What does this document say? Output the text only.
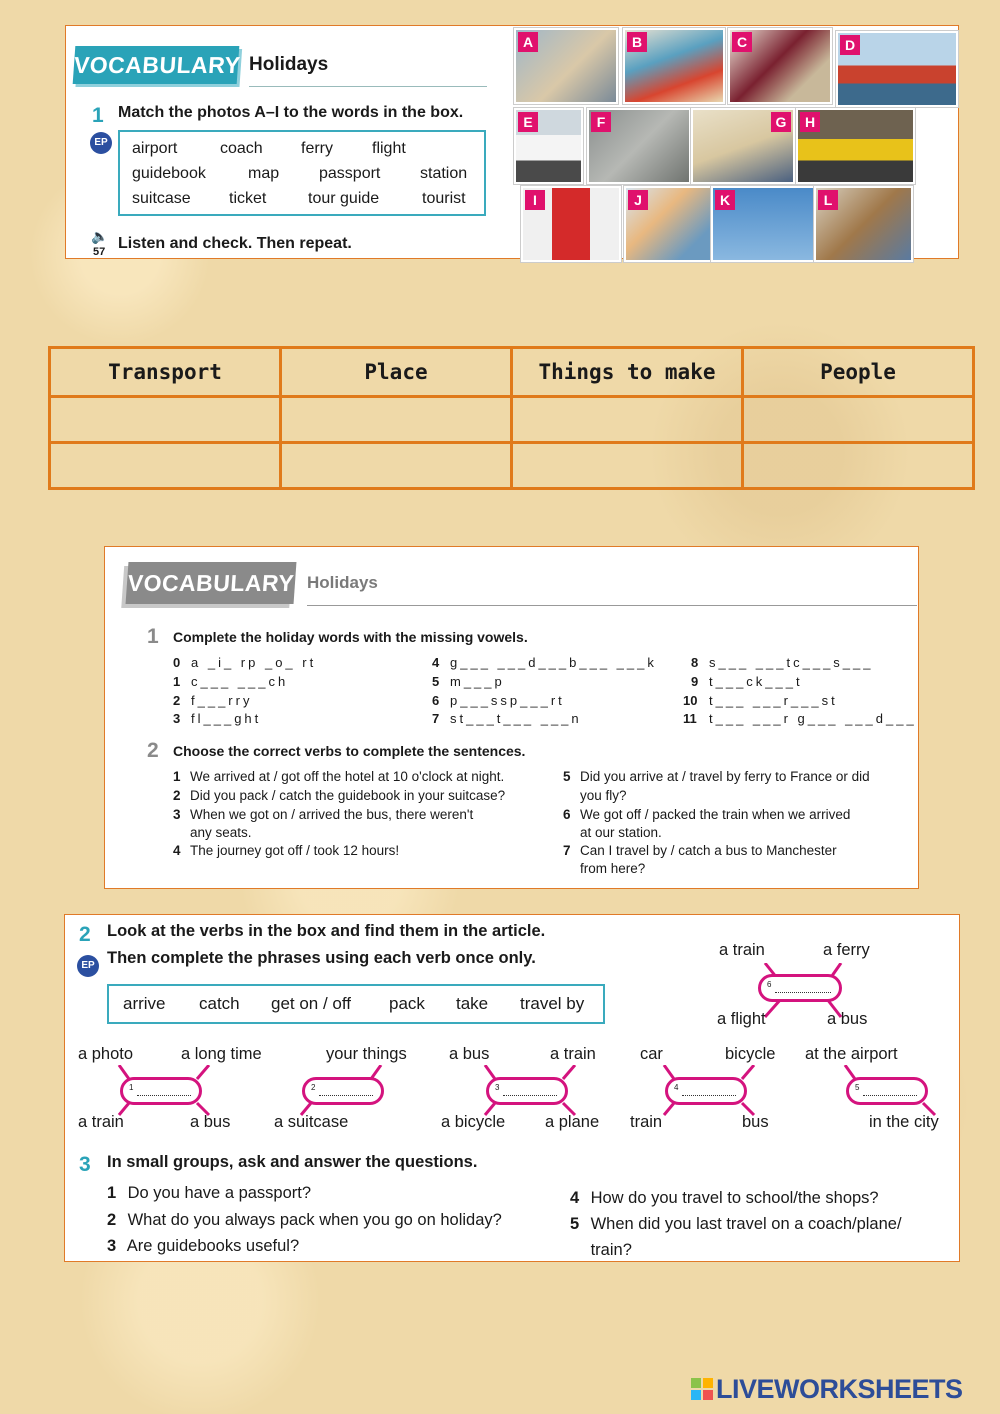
VOCABULARY Holidays
1 Match the photos A–I to the words in the box.
EP airport	coach ferry flight
guidebook	map passport station
suitcase ticket	tour guide	tourist
🔈
57 Listen and check. Then repeat.
A	B	C	D
E	F	G	H
I	J	K	L
Transport	Place	Things to make	People

VOCABULARY Holidays
1 Complete the holiday words with the missing vowels.
0 a _i_ rp _o_ rt
1 c___ ___ch
2 f___rry
3 fl___ght
4 g___ ___d___b___ ___k
5 m___p
6 p___ssp___rt
7 st___t___ ___n
8 s___ ___tc___s___
9 t___ck___t
10 t___ ___r___st
11 t___ ___r g___ ___d___
2 Choose the correct verbs to complete the sentences.
1 We arrived at / got off the hotel at 10 o'clock at night.
2 Did you pack / catch the guidebook in your suitcase?
3 When we got on / arrived the bus, there weren't
any seats.
4 The journey got off / took 12 hours!
5 Did you arrive at / travel by ferry to France or did
you fly?
6 We got off / packed the train when we arrived
at our station.
7 Can I travel by / catch a bus to Manchester
from here?
2
EP
Look at the verbs in the box and find them in the article.
Then complete the phrases using each verb once only.
arrive catch get on / off pack take travel by
a train	a ferry
6
a flight	a bus
a photo	a long time
1
a train	a bus
your things
2
a suitcase
a bus	a train
3
a bicycle a plane
car	bicycle
4
train	bus
at the airport
5
in the city
3 In small groups, ask and answer the questions.
1 Do you have a passport?
2 What do you always pack when you go on holiday?
3 Are guidebooks useful?
4 How do you travel to school/the shops?
5 When did you last travel on a coach/plane/
train?
LIVEWORKSHEETS
